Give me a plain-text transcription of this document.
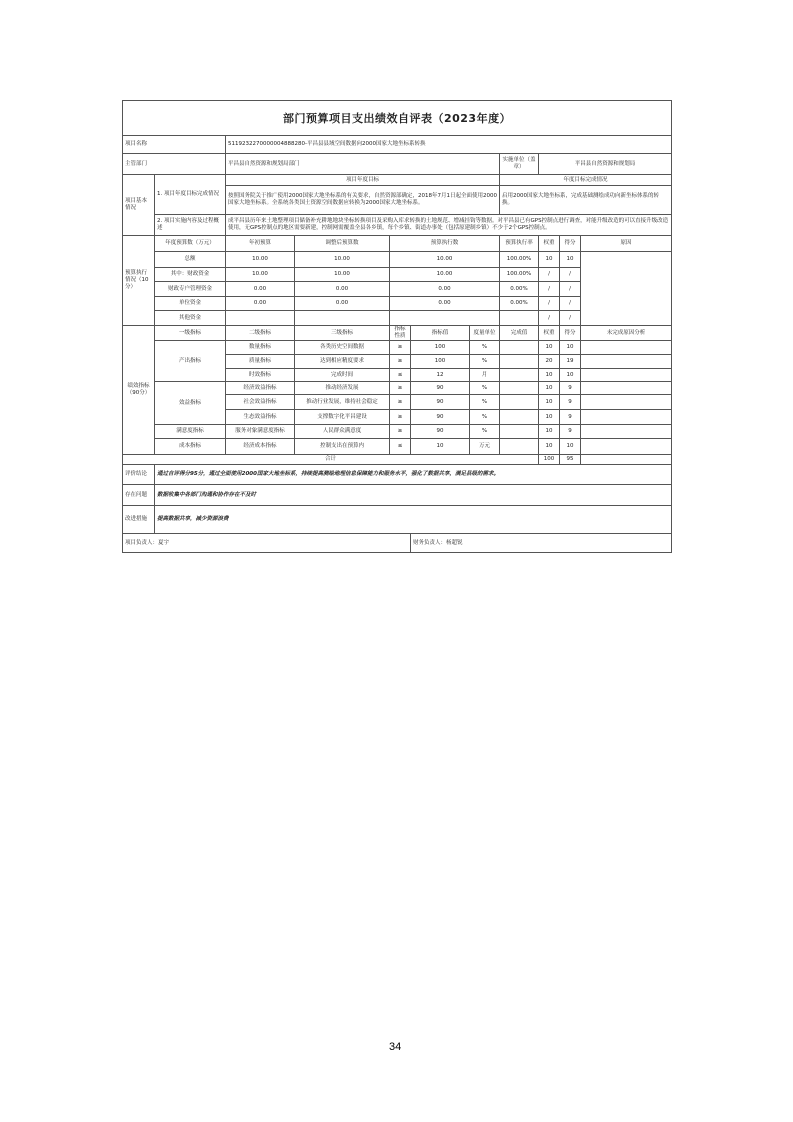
部门预算项目支出绩效自评表（2023年度）										
项目名称		5119232270000004888280-平昌县县域空间数据向2000国家大地坐标系转换								
主管部门		平昌县自然资源和规划局部门					实施单位（盖章）	平昌县自然资源和规划局		
项目基本情况	1. 项目年度目标完成情况	项目年度目标					年度目标完成情况			
		按照国务院关于推广使用2000国家大地坐标系的有关要求，自然资源部确定，2018年7月1日起全面使用2000国家大地坐标系。全系统各类国土资源空间数据应转换为2000国家大地坐标系。					启用2000国家大地坐标系，完成基础测绘成功向新坐标体系的转换。			
	2. 项目实施内容及过程概述	成平昌县历年来土地整理项目储备补充耕地地块坐标转换项目及采购入库求转换的土地规范、增减挂钩等数据。对平昌县已有GPS控制点进行调查，对能升级改造的可以直接升级改造使用，无GPS控制点的地区需要新建，控制网需覆盖全县各乡镇，每个乡镇、街道办事处（包括原建制乡镇）不少于2个GPS控制点。								
预算执行情况（10分）	年度预算数（万元）	年初预算	调整后预算数	预算执行数			预算执行率	权重	得分	原因
	总额	10.00	10.00	10.00			100.00%	10	10	
	其中：财政资金	10.00	10.00	10.00			100.00%	/	/	
	财政专户管理资金	0.00	0.00	0.00			0.00%	/	/	
	单位资金	0.00	0.00	0.00			0.00%	/	/	
	其他资金							/	/	
绩效指标（90分）	一级指标	二级指标	三级指标	指标性质	指标值	度量单位	完成值	权重	得分	未完成原因分析
	产出指标	数量指标	各类历史空间数据	≥	100	%		10	10	
		质量指标	达到相应精度要求	≥	100	%		20	19	
		时效指标	完成时间	≤	12	月		10	10	
	效益指标	经济效益指标	推动经济发展	≥	90	%		10	9	
		社会效益指标	推动行业发展，维持社会稳定	≥	90	%		10	9	
		生态效益指标	支撑数字化平昌建设	≥	90	%		10	9	
	满意度指标	服务对象满意度指标	人民群众满意度	≥	90	%		10	9	
	成本指标	经济成本指标	控制支出在预算内	≤	10	万元		10	10	
合计								100	95	
评价结论	通过自评得分95分，通过全面使用2000国家大地坐标系，持续提高测绘地理信息保障能力和服务水平，强化了数据共享，满足县级的需求。									
存在问题	数据收集中各部门沟通和协作存在不及时									
改进措施	提高数据共享，减少资源浪费									
项目负责人：夏宇					财务负责人：杨超锐					
34
